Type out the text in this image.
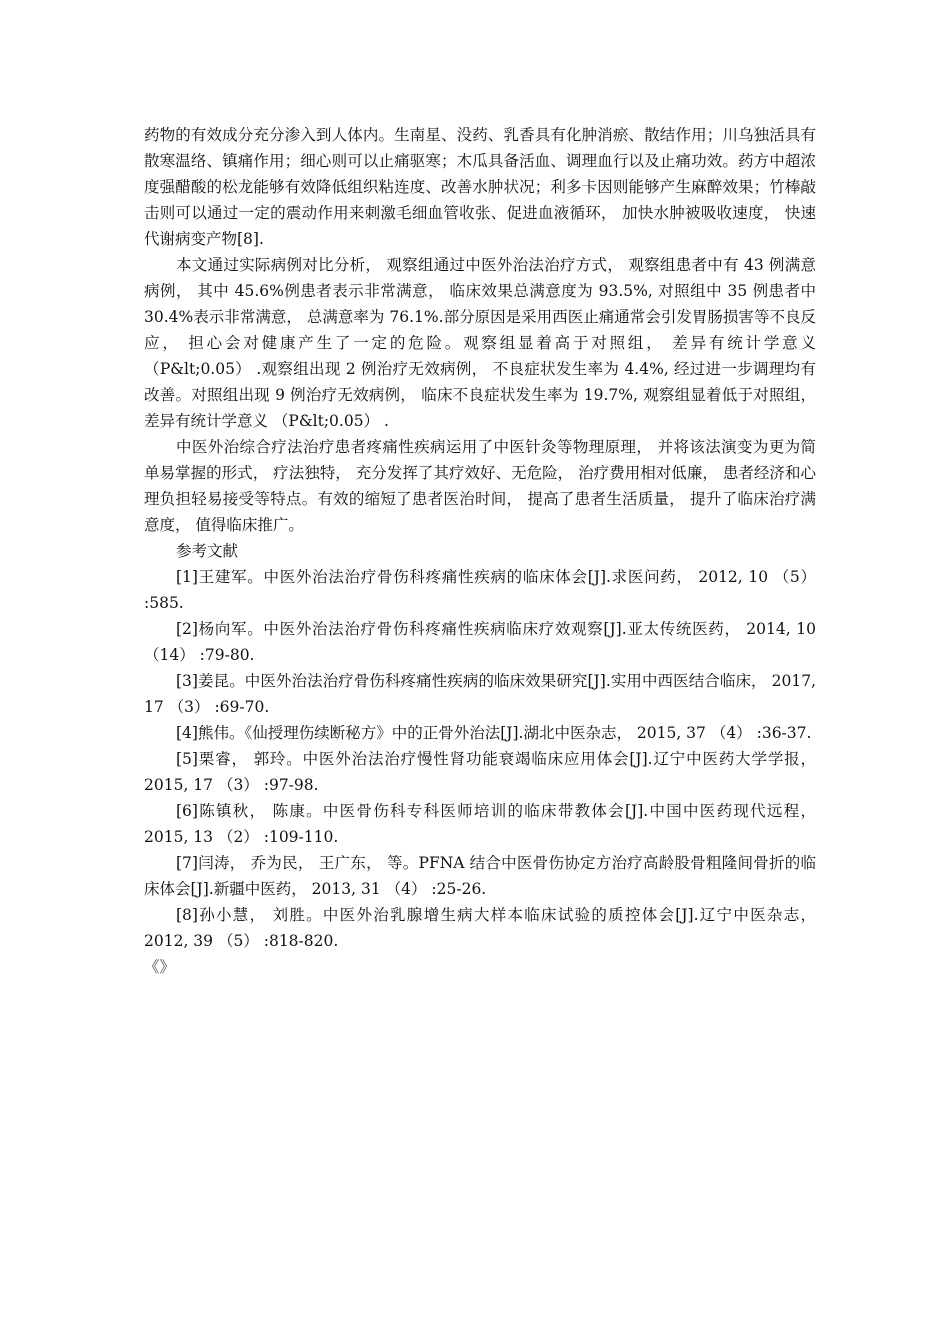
药物的有效成分充分渗入到人体内。生南星、没药、乳香具有化肿消瘀、散结作用；川乌独活具有散寒温络、镇痛作用；细心则可以止痛驱寒；木瓜具备活血、调理血行以及止痛功效。药方中超浓度强醋酸的松龙能够有效降低组织粘连度、改善水肿状况；利多卡因则能够产生麻醉效果；竹棒敲击则可以通过一定的震动作用来刺激毛细血管收张、促进血液循环， 加快水肿被吸收速度， 快速代谢病变产物[8].

本文通过实际病例对比分析， 观察组通过中医外治法治疗方式， 观察组患者中有 43 例满意病例， 其中 45.6%例患者表示非常满意， 临床效果总满意度为 93.5%, 对照组中 35 例患者中 30.4%表示非常满意， 总满意率为 76.1%.部分原因是采用西医止痛通常会引发胃肠损害等不良反应， 担心会对健康产生了一定的危险。观察组显着高于对照组， 差异有统计学意义 （P&lt;0.05） .观察组出现 2 例治疗无效病例， 不良症状发生率为 4.4%, 经过进一步调理均有改善。对照组出现 9 例治疗无效病例， 临床不良症状发生率为 19.7%, 观察组显着低于对照组， 差异有统计学意义 （P&lt;0.05） .

中医外治综合疗法治疗患者疼痛性疾病运用了中医针灸等物理原理， 并将该法演变为更为简单易掌握的形式， 疗法独特， 充分发挥了其疗效好、无危险， 治疗费用相对低廉， 患者经济和心理负担轻易接受等特点。有效的缩短了患者医治时间， 提高了患者生活质量， 提升了临床治疗满意度， 值得临床推广。

参考文献

[1]王建军。中医外治法治疗骨伤科疼痛性疾病的临床体会[J].求医问药， 2012, 10 （5） :585.

[2]杨向军。中医外治法治疗骨伤科疼痛性疾病临床疗效观察[J].亚太传统医药， 2014, 10 （14） :79-80.

[3]姜昆。中医外治法治疗骨伤科疼痛性疾病的临床效果研究[J].实用中西医结合临床， 2017, 17 （3） :69-70.

[4]熊伟。《仙授理伤续断秘方》中的正骨外治法[J].湖北中医杂志， 2015, 37 （4） :36-37.

[5]栗睿， 郭玲。中医外治法治疗慢性肾功能衰竭临床应用体会[J].辽宁中医药大学学报， 2015, 17 （3） :97-98.

[6]陈镇秋， 陈康。中医骨伤科专科医师培训的临床带教体会[J].中国中医药现代远程， 2015, 13 （2） :109-110.

[7]闫涛， 乔为民， 王广东， 等。PFNA 结合中医骨伤协定方治疗高龄股骨粗隆间骨折的临床体会[J].新疆中医药， 2013, 31 （4） :25-26.

[8]孙小慧， 刘胜。中医外治乳腺增生病大样本临床试验的质控体会[J].辽宁中医杂志， 2012, 39 （5） :818-820.

《》
